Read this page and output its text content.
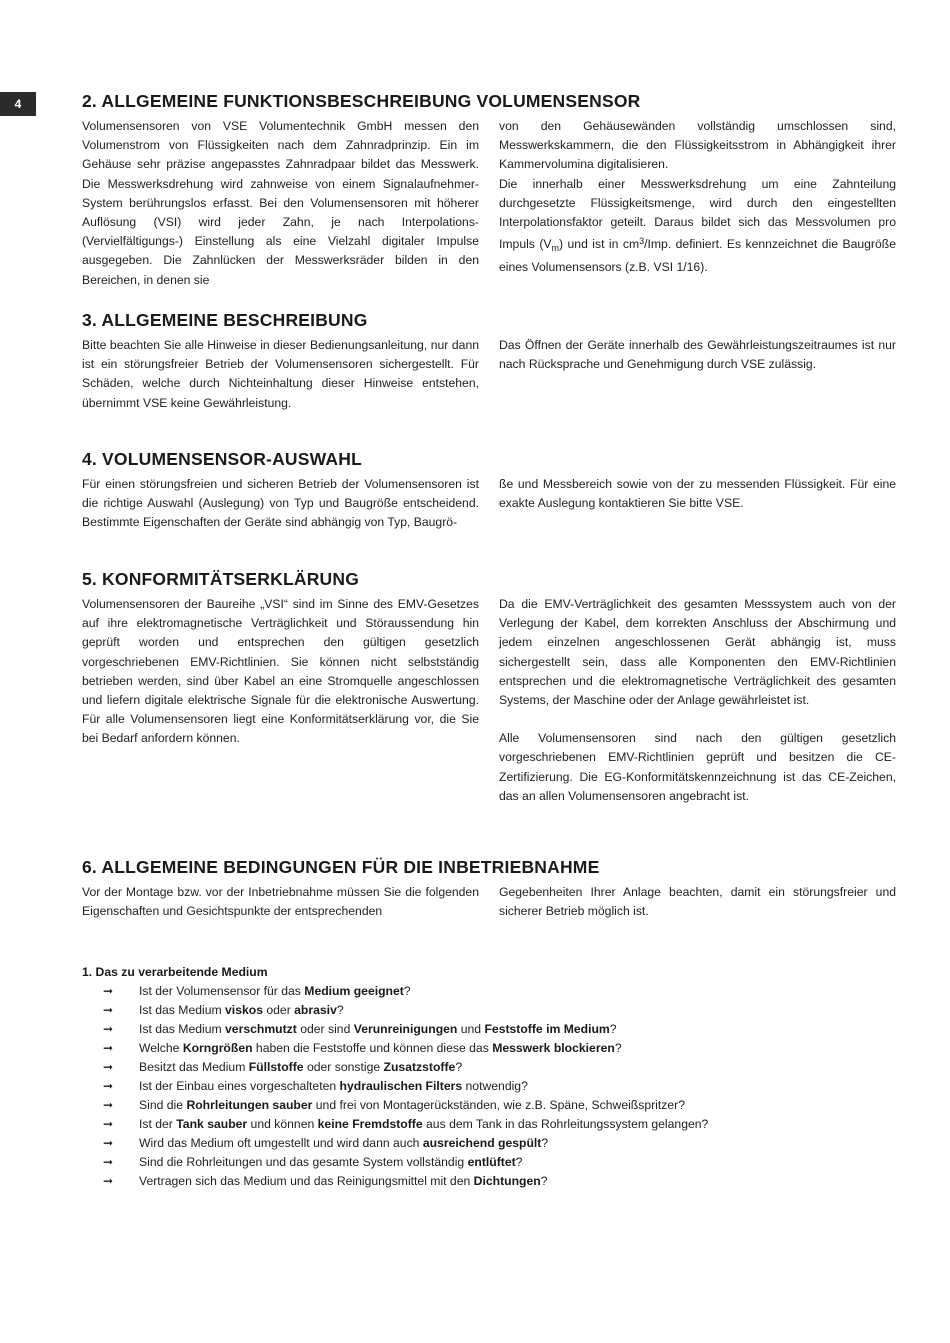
4	2. ALLGEMEINE FUNKTIONSBESCHREIBUNG VOLUMENSENSOR

Volumensensoren von VSE Volumentechnik GmbH messen den Volumenstrom von Flüssigkeiten nach dem Zahnradprinzip. Ein im Gehäuse sehr präzise angepasstes Zahnradpaar bildet das Messwerk. Die Messwerksdrehung wird zahnweise von einem Signalaufnehmer-System berührungslos erfasst. Bei den Volumensensoren mit höherer Auflösung (VSI) wird jeder Zahn, je nach Interpolations- (Vervielfältigungs-) Einstellung als eine Vielzahl digitaler Impulse ausgegeben. Die Zahnlücken der Messwerksräder bilden in den Bereichen, in denen sie

von den Gehäusewänden vollständig umschlossen sind, Messwerkskammern, die den Flüssigkeitsstrom in Abhängigkeit ihrer Kammervolumina digitalisieren.

Die innerhalb einer Messwerksdrehung um eine Zahnteilung durchgesetzte Flüssigkeitsmenge, wird durch den eingestellten Interpolationsfaktor geteilt. Daraus bildet sich das Messvolumen pro Impuls $(V_m)$ und ist in $cm^3$/Imp. definiert. Es kennzeichnet die Baugröße eines Volumensensors (z.B. VSI 1/16).

3. ALLGEMEINE BESCHREIBUNG

Bitte beachten Sie alle Hinweise in dieser Bedienungsanleitung, nur dann ist ein störungsfreier Betrieb der Volumensensoren sichergestellt. Für Schäden, welche durch Nichteinhaltung dieser Hinweise entstehen, übernimmt VSE keine Gewährleistung.

Das Öffnen der Geräte innerhalb des Gewährleistungszeitraumes ist nur nach Rücksprache und Genehmigung durch VSE zulässig.

4. VOLUMENSENSOR-AUSWAHL

Für einen störungsfreien und sicheren Betrieb der Volumensensoren ist die richtige Auswahl (Auslegung) von Typ und Baugröße entscheidend. Bestimmte Eigenschaften der Geräte sind abhängig von Typ, Baugrö-

ße und Messbereich sowie von der zu messenden Flüssigkeit. Für eine exakte Auslegung kontaktieren Sie bitte VSE.

5. KONFORMITÄTSERKLÄRUNG

Volumensensoren der Baureihe „VSI“ sind im Sinne des EMV-Gesetzes auf ihre elektromagnetische Verträglichkeit und Störaussendung hin geprüft worden und entsprechen den gültigen gesetzlich vorgeschriebenen EMV-Richtlinien. Sie können nicht selbstständig betrieben werden, sind über Kabel an eine Stromquelle angeschlossen und liefern digitale elektrische Signale für die elektronische Auswertung. Für alle Volumensensoren liegt eine Konformitätserklärung vor, die Sie bei Bedarf anfordern können.

Da die EMV-Verträglichkeit des gesamten Messsystem auch von der Verlegung der Kabel, dem korrekten Anschluss der Abschirmung und jedem einzelnen angeschlossenen Gerät abhängig ist, muss sichergestellt sein, dass alle Komponenten den EMV-Richtlinien entsprechen und die elektromagnetische Verträglichkeit des gesamten Systems, der Maschine oder der Anlage gewährleistet ist.

Alle Volumensensoren sind nach den gültigen gesetzlich vorgeschriebenen EMV-Richtlinien geprüft und besitzen die CE-Zertifizierung. Die EG-Konformitätskennzeichnung ist das CE-Zeichen, das an allen Volumensensoren angebracht ist.

6. ALLGEMEINE BEDINGUNGEN FÜR DIE INBETRIEBNAHME

Vor der Montage bzw. vor der Inbetriebnahme müssen Sie die folgenden Eigenschaften und Gesichtspunkte der entsprechenden

Gegebenheiten Ihrer Anlage beachten, damit ein störungsfreier und sicherer Betrieb möglich ist.

1. Das zu verarbeitende Medium
➞ Ist der Volumensensor für das Medium geeignet?
➞ Ist das Medium viskos oder abrasiv?
➞ Ist das Medium verschmutzt oder sind Verunreinigungen und Feststoffe im Medium?
➞ Welche Korngrößen haben die Feststoffe und können diese das Messwerk blockieren?
➞ Besitzt das Medium Füllstoffe oder sonstige Zusatzstoffe?
➞ Ist der Einbau eines vorgeschalteten hydraulischen Filters notwendig?
➞ Sind die Rohrleitungen sauber und frei von Montagerückständen, wie z.B. Späne, Schweißspritzer?
➞ Ist der Tank sauber und können keine Fremdstoffe aus dem Tank in das Rohrleitungssystem gelangen?
➞ Wird das Medium oft umgestellt und wird dann auch ausreichend gespült?
➞ Sind die Rohrleitungen und das gesamte System vollständig entlüftet?
➞ Vertragen sich das Medium und das Reinigungsmittel mit den Dichtungen?
